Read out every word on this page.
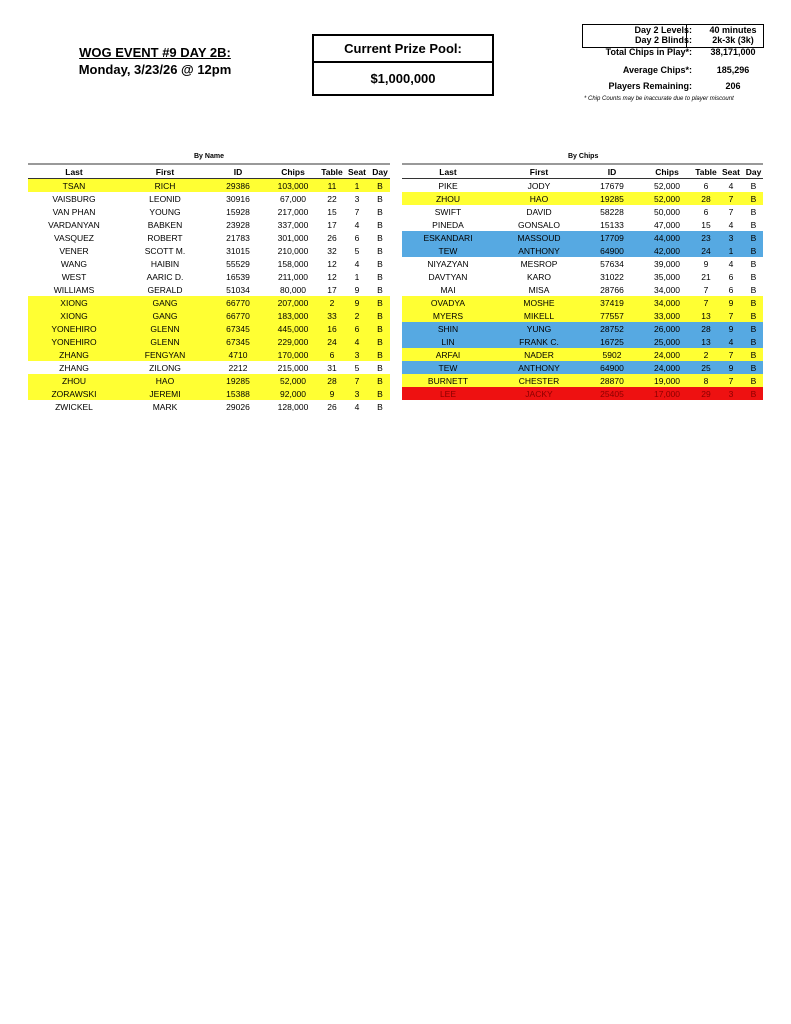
WOG EVENT #9 DAY 2B:
Monday, 3/23/26 @ 12pm
Current Prize Pool:
$1,000,000
Day 2 Levels: 40 minutes
Day 2 Blinds: 2k-3k (3k)
Total Chips in Play*: 38,171,000
Average Chips*:	185,296
Players Remaining:	206
* Chip Counts may be inaccurate due to player miscount
By Name	By Chips
Last	First	ID	Chips	Table	Seat	Day
TSAN	RICH	29386	103,000	11	1	B
VAISBURG	LEONID	30916	67,000	22	3	B
VAN PHAN	YOUNG	15928	217,000	15	7	B
VARDANYAN	BABKEN	23928	337,000	17	4	B
VASQUEZ	ROBERT	21783	301,000	26	6	B
VENER	SCOTT M.	31015	210,000	32	5	B
WANG	HAIBIN	55529	158,000	12	4	B
WEST	AARIC D.	16539	211,000	12	1	B
WILLIAMS	GERALD	51034	80,000	17	9	B
XIONG	GANG	66770	207,000	2	9	B
XIONG	GANG	66770	183,000	33	2	B
YONEHIRO	GLENN	67345	445,000	16	6	B
YONEHIRO	GLENN	67345	229,000	24	4	B
ZHANG	FENGYAN	4710	170,000	6	3	B
ZHANG	ZILONG	2212	215,000	31	5	B
ZHOU	HAO	19285	52,000	28	7	B
ZORAWSKI	JEREMI	15388	92,000	9	3	B
ZWICKEL	MARK	29026	128,000	26	4	B
Last	First	ID	Chips	Table	Seat	Day
PIKE	JODY	17679	52,000	6	4	B
ZHOU	HAO	19285	52,000	28	7	B
SWIFT	DAVID	58228	50,000	6	7	B
PINEDA	GONSALO	15133	47,000	15	4	B
ESKANDARI	MASSOUD	17709	44,000	23	3	B
TEW	ANTHONY	64900	42,000	24	1	B
NIYAZYAN	MESROP	57634	39,000	9	4	B
DAVTYAN	KARO	31022	35,000	21	6	B
MAI	MISA	28766	34,000	7	6	B
OVADYA	MOSHE	37419	34,000	7	9	B
MYERS	MIKELL	77557	33,000	13	7	B
SHIN	YUNG	28752	26,000	28	9	B
LIN	FRANK C.	16725	25,000	13	4	B
ARFAI	NADER	5902	24,000	2	7	B
TEW	ANTHONY	64900	24,000	25	9	B
BURNETT	CHESTER	28870	19,000	8	7	B
LEE	JACKY	25405	17,000	29	3	B
